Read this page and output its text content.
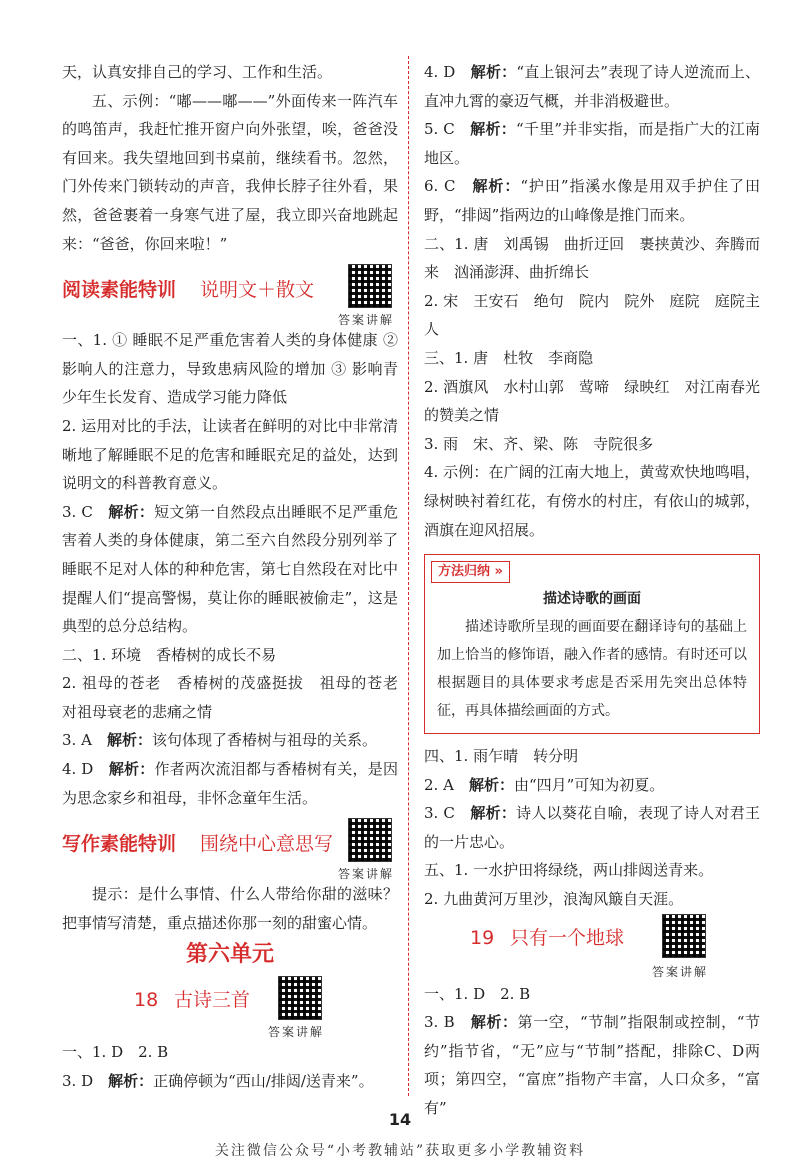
天，认真安排自己的学习、工作和生活。

五、示例：“嘟——嘟——”外面传来一阵汽车的鸣笛声，我赶忙推开窗户向外张望，唉，爸爸没有回来。我失望地回到书桌前，继续看书。忽然，门外传来门锁转动的声音，我伸长脖子往外看，果然，爸爸裹着一身寒气进了屋，我立即兴奋地跳起来：“爸爸，你回来啦！”

阅读素能特训 说明文＋散文
答案讲解

一、1. ① 睡眠不足严重危害着人类的身体健康 ② 影响人的注意力，导致患病风险的增加 ③ 影响青少年生长发育、造成学习能力降低

2. 运用对比的手法，让读者在鲜明的对比中非常清晰地了解睡眠不足的危害和睡眠充足的益处，达到说明文的科普教育意义。

3. C　 解析：短文第一自然段点出睡眠不足严重危害着人类的身体健康，第二至六自然段分别列举了睡眠不足对人体的种种危害，第七自然段在对比中提醒人们“提高警惕，莫让你的睡眠被偷走”，这是典型的总分总结构。

二、1. 环境　香椿树的成长不易

2. 祖母的苍老　香椿树的茂盛挺拔　祖母的苍老　对祖母衰老的悲痛之情

3. A　 解析：该句体现了香椿树与祖母的关系。

4. D　 解析：作者两次流泪都与香椿树有关，是因为思念家乡和祖母，非怀念童年生活。

写作素能特训 围绕中心意思写
答案讲解

提示：是什么事情、什么人带给你甜的滋味？把事情写清楚，重点描述你那一刻的甜蜜心情。

第六单元
18 古诗三首
答案讲解

一、1. D　2. B

3. D　 解析：正确停顿为“西山/排闼/送青来”。

4. D　 解析：“直上银河去”表现了诗人逆流而上、直冲九霄的豪迈气概，并非消极避世。

5. C　 解析：“千里”并非实指，而是指广大的江南地区。

6. C　 解析：“护田”指溪水像是用双手护住了田野，“排闼”指两边的山峰像是推门而来。

二、1. 唐　刘禹锡　曲折迂回　裹挟黄沙、奔腾而来　汹涌澎湃、曲折绵长

2. 宋　王安石　绝句　院内　院外　庭院　庭院主人

三、1. 唐　杜牧　李商隐

2. 酒旗风　水村山郭　莺啼　绿映红　对江南春光的赞美之情

3. 雨　宋、齐、梁、陈　寺院很多

4. 示例：在广阔的江南大地上，黄莺欢快地鸣唱，绿树映衬着红花，有傍水的村庄，有依山的城郭，酒旗在迎风招展。

方法归纳 »
描述诗歌的画面

描述诗歌所呈现的画面要在翻译诗句的基础上加上恰当的修饰语，融入作者的感情。有时还可以根据题目的具体要求考虑是否采用先突出总体特征，再具体描绘画面的方式。

四、1. 雨乍晴　转分明

2. A　 解析：由“四月”可知为初夏。

3. C　 解析：诗人以葵花自喻，表现了诗人对君王的一片忠心。

五、1. 一水护田将绿绕，两山排闼送青来。

2. 九曲黄河万里沙，浪淘风簸自天涯。

19 只有一个地球
答案讲解

一、1. D　2. B

3. B　 解析：第一空，“节制”指限制或控制，“节约”指节省，“无”应与“节制”搭配，排除C、D两项；第四空，“富庶”指物产丰富，人口众多，“富有”

14
关注微信公众号“小考教辅站”获取更多小学教辅资料
